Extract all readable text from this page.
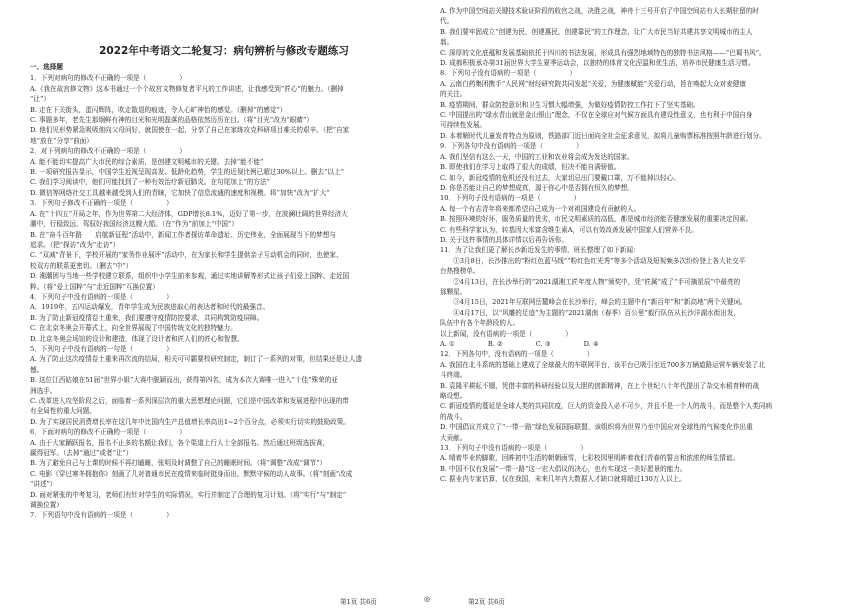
2022年中考语文二轮复习：病句辨析与修改专题练习
一、选择题
1．下列对病句的修改不正确的一项是（　　　　　）
A.《我在故宫修文物》这本书通过一个个故宫文物修复者平凡的工作讲述，让我感受到“匠心”的魅力。（删掉
“让”）
B. 走在下关街头，蛋闪辉阵，吹走散退的痕迹，令人心旷神怡的感觉。（删掉“的感觉”）
C. 事题多年，老先生那炯鲜有神的目光和光明磊落的品格依然历历在目。（将“目光”改为“眼睛”）
D. 他们见形势紧急吸吸他向父母问好，就国使在一起，分享了自己在家练攻克科研项目难关的艰辛。（把“自家
地”放在“分享”前面）
2．对下列病句的修改不正确的一项是（　　　　　）
A. 能不能切实提高广大市民的综合素质，是创建文明城市的关键。去掉“能不能”
B. 一项研究报告显示，中国学生近视呈现高发、低龄化趋势，学生的近视比例已超过30%以上。删去“以上”
C. 我们学习阅读中，他们可能找到了一种有效治疗新冠肺炎。在句尾加上“的方法”
D. 微信等网络社交工具越来越受到人们的青睐，它加快了信息流通的速度和视模。将“加快”改为“扩大”
3．下列句子修改不正确的一项是（　　　　　）
A. 在“十四五”开局之年，作为世界第二大经济体，GDP增长8.1%，迈好了第一步，在波澜壮阔的世界经济大
潮中，行稳致远，驾驭好我国经济这艘大船。（在“作为”前加上“中国”）
B. 在“奋斗百年路　　启航新征程”活动中，新闻工作者探访革命遗址、历史伟业，全面展现当下的梦想与
追求。（把“探访”改为“走访”）
C. “双减”背景下，学校开展的“家务作业展评”活动中，在为家长和学生提供亲子互动机会的同时，也使家、
校双方的联系更密切。（删去“中”）
D. 湘潮团与当地一些学校建立联系，组织中小学生前来参观，通过实地讲解等形式让孩子们爱上国粹、走近国
粹。（将“爱上国粹”与“走近国粹”互换位置）
4．下列句子中没有语病的一项是（　　　　　）
A．1919年，五四运动爆发，青年学生成为民族进取心的表达者和时代的最强音。
B. 为了防止新冠疫情卷土重来，我们要遵守疫情防控要求，共同构筑防疫屏障。
C. 在北京冬奥会开幕式上，向全世界展现了中国传统文化的独特魅力。
D. 北京冬奥会场馆的设计和建造，体现了设计者和匠人们的匠心和智慧。
5．下列句子中没有语病的一句是（　　　　　）
A. 为了防止这次疫情卷土重来再次流的结局，相关可可霸要校研究制定，制订了一系列的对策，但结果还是让人遗
憾。
B. 这位江西姑娘在51届“世界小姐”大赛中脱颖而出，获得第四名，成为本次大赛唯一进入“十佳”殊荣的亚
洲选手。
C. 改革进入攻坚阶段之后，面临着一系列深层次的重大思想理论问题，它们是中国改革和发展进程中出现的带
有全局性的重大问题。
D. 为了实现居民消费增长率在这几年中比国内生产总值增长率高出1~2个百分点，必须实行切实的鼓励政策。
6．下面对病句的修改不正确的一项是（　　　　　）
A. 由于大家踊跃报名，报名不止多的名额让我们，各个渠道上行人士全部报名。然后通过班级选拔赛，
赢得冠军。（去掉“通过”或者“让”）
B. 为了避免自己与上课的时候不再打瞌睡，张明及时调整了自己的睡眠时间。（将“调整”改成“调节”）
C. 电影《穿过寒冬拥抱你》刻画了几对普通市民在疫情来临时挺身而出，默默守候的动人故事。（将“刻画”改成
“讲述”）
D. 面对紧张的中考复习，老师们有针对学生的实际情况，实行并制定了合理的复习计划。（将“实行”与“制定”
调换位置）
7．下列语句中没有语病的一项是（　　　　　）
A. 作为中国空间站关键技术验证阶段的收官之战，决胜之战，神舟十三号开启了中国空间站有人长期驻留的时
代。
B. 我们要牢固成立“创建为民，创建惠民，创建靠民”的工作理念，让广大市民当好共建共享文明城市的主人
翁。
C. 深厚的文化底蕴和发展基础依托于四川的书法发展，形成具有强烈地域特色的独特书法风格——“巴蜀书风”。
D. 成都积极承办第31届世界大学生夏季运动会，以独特的体育文化涅温和优生活，培养市民健康生活习惯。
8．下列句子没有语病的一项是（　　　　　）
A. 云南白药集团携手“人民网”财经研究院共同发起“关爱，为健康赋能”关爱行动，旨在唤起大众对麦健康
的关注。
B. 疫情期间，群众防控意识和卫生习惯大幅增强，为做好疫情防控工作打下了坚实基础。
C. 中国提出的“绿水青山就是金山银山”理念，不仅在全球应对气候方面具有建设性意义，也有利于中国自身
可持续性发展。
D. 本着解时代儿童发育特点为原则，铁路部门近日面向全社会征求意见，拟将儿童购票标准按照年龄进行划分。
9．下列各句中没有语病的一项是（　　　　　）
A. 我们坚信有这么一天，中国的工业和农业将会成为发达的国家。
B. 即使我们在学习上取得了很大的成绩，但决不能自满骄傲。
C. 如今，新冠疫情的危机还没有过去，大家切忌出门要戴口罩，万不能掉以轻心。
D. 你是否能让自己的梦想成真，源于你心中是否拥有恒久的梦想。
10．下列句子没有语病的一项是（　　　　　）
A. 每一个有志青年将来都希望自己成为一个对祖国建设有贡献的人。
B. 按照环境的好坏，服务质量的优劣，市民文明素质的高低，都是城市经济能否健康发展的重要决定因素。
C. 有些科学家认为，转基因大米富含维生素A，可以有效改善发展中国家人们营养不良。
D. 关于这件事情的具体详情以后再告诉你。
11．为了让我们更了解长沙新近发生的事情，班长整理了如下新闻：
　　①3月8日，长沙推出的“粉红色蓝马线”“粉红色红光秀”等多个活动及短视频多次纷纷登上各大社交平
台热搜榜单。
　　②4月13日，在长沙举行的“2021湖湘工匠年度人物”颁奖中，凭“匠属”成了“手可摘星辰”中最亮的
那颗星。
　　③4月15日，2021年互联网岳麓峰会在长沙举行，峰会的主题中有“新百年”和“新高地”两个关键词。
　　④4月17日，以“风雕的足迹”为主题的“2021湖南（春季）百公里”毅行队伍从长沙洋湖水街出发，
队伍中有各个年龄段的人。
以上新闻，没有语病的一项是（　　　　　）
A. ①　　　　　B. ②　　　　　C. ③　　　　　D. ④
12．下列各句中，没有语病的一项是（　　　　　）
A. 我国在北斗系统的基础上建成了全球最大的车联网平台，该平台已吸引至近700多万辆道路运营车辆安装了北
斗终端。
B. 袁隆平耕耘不辍，凭借丰富的科研经验以及大胆的创新精神，在上个世纪八十年代提出了杂交水稻育种的战
略设想。
C. 新冠疫情的蔓延是全球人类的共同抗疫，巨大的资金投入必不可少，并且不是一个人的战斗，而是整个人类同病
的战斗。
D. 中国倡议并成立了“一带一路”绿色发展国际联盟，该组织将为世界乃至中国应对全球性的气候变化作出重
大贡献。
13．下列句子中没有语病的一项是（　　　　　）
A. 晴着毕业的脚歌，回眸初中生活的朝朝雨雪，七彩校园里明眸着我们青春的誓言和浓浓的师生情谊。
B. 中国不仅有发展“一带一路”这一宏大倡议的决心，也有实现这一美好愿景的能力。
C. 据业内专家估算，仅在我国，未来几年内大数据人才缺口就将超过130万人以上。
第1页 共6页	◎	第2页 共6页
